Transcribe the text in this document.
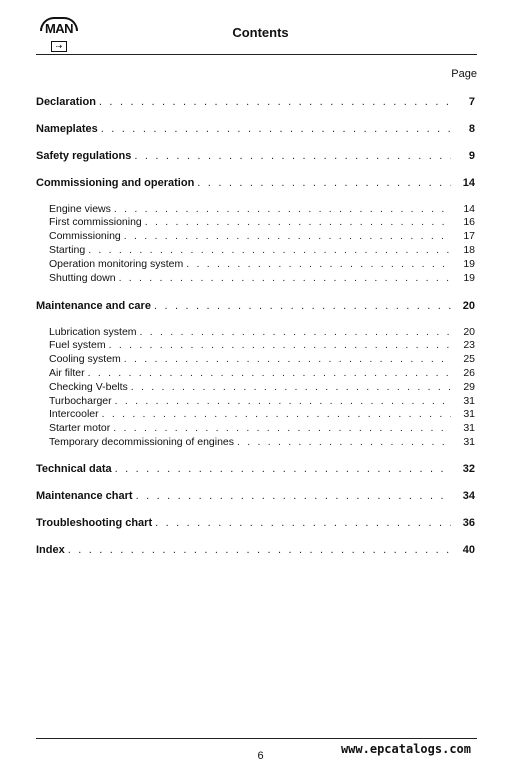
MAN
⇢
Contents
Page
Declaration . . .	7
Nameplates . . .	8
Safety regulations . . .	9
Commissioning and operation . . .	14
Engine views . . .	14
First commissioning . . .	16
Commissioning . . .	17
Starting . . .	18
Operation monitoring system . . .	19
Shutting down . . .	19
Maintenance and care . . .	20
Lubrication system . . .	20
Fuel system . . .	23
Cooling system . . .	25
Air filter . . .	26
Checking V-belts . . .	29
Turbocharger . . .	31
Intercooler . . .	31
Starter motor . . .	31
Temporary decommissioning of engines . . .	31
Technical data . . .	32
Maintenance chart . . .	34
Troubleshooting chart . . .	36
Index . . .	40
6	www.epcatalogs.com
